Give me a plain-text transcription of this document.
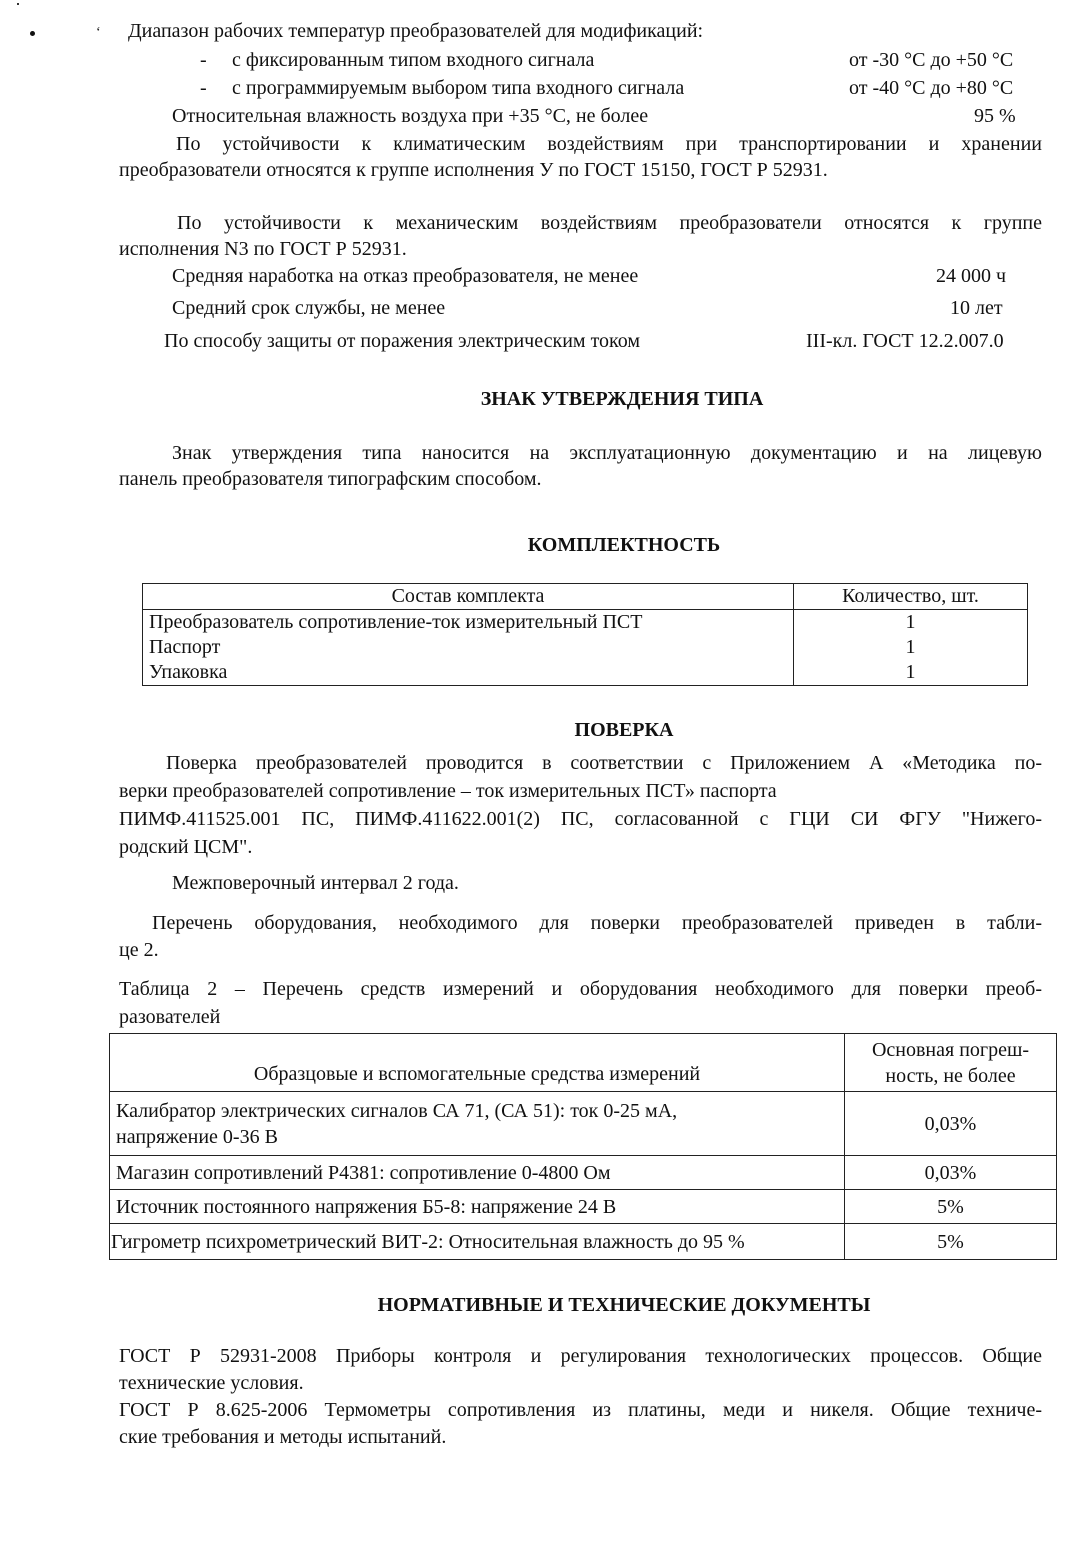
‘ Диапазон рабочих температур преобразователей для модификаций:
- с фиксированным типом входного сигнала	от -30 °С до +50 °С
- с программируемым выбором типа входного сигнала	от -40 °С до +80 °С
Относительная влажность воздуха при +35 °С, не более	95 %
По устойчивости к климатическим воздействиям при транспортировании и хранении
преобразователи относятся к группе исполнения У по ГОСТ 15150, ГОСТ Р 52931.
По устойчивости к механическим воздействиям преобразователи относятся к группе
исполнения N3 по ГОСТ Р 52931.
Средняя наработка на отказ преобразователя, не менее	24 000 ч
Средний срок службы, не менее	10 лет
По способу защиты от поражения электрическим током	III-кл. ГОСТ 12.2.007.0
ЗНАК УТВЕРЖДЕНИЯ ТИПА
Знак утверждения типа наносится на эксплуатационную документацию и на лицевую
панель преобразователя типографским способом.
КОМПЛЕКТНОСТЬ
Состав комплекта	Количество, шт.
Преобразователь сопротивление-ток измерительный ПСТ	1
Паспорт	1
Упаковка	1
ПОВЕРКА
Поверка преобразователей проводится в соответствии с Приложением А «Методика по-
верки преобразователей сопротивление – ток измерительных ПСТ» паспорта
ПИМФ.411525.001 ПС, ПИМФ.411622.001(2) ПС, согласованной с ГЦИ СИ ФГУ "Нижего-
родский ЦСМ".
Межповерочный интервал 2 года.
Перечень оборудования, необходимого для поверки преобразователей приведен в табли-
це 2.
Таблица 2 – Перечень средств измерений и оборудования необходимого для поверки преоб-
разователей
Образцовые и вспомогательные средства измерений	Основная погреш-
ность, не более

Калибратор электрических сигналов СА 71, (СА 51): ток 0-25 мА,
напряжение 0-36 В	0,03%
Магазин сопротивлений Р4381: сопротивление 0-4800 Ом	0,03%
Источник постоянного напряжения Б5-8: напряжение 24 В	5%
Гигрометр психрометрический ВИТ-2: Относительная влажность до 95 %	5%
НОРМАТИВНЫЕ И ТЕХНИЧЕСКИЕ ДОКУМЕНТЫ
ГОСТ Р 52931-2008 Приборы контроля и регулирования технологических процессов. Общие
технические условия.
ГОСТ Р 8.625-2006 Термометры сопротивления из платины, меди и никеля. Общие техниче-
ские требования и методы испытаний.
